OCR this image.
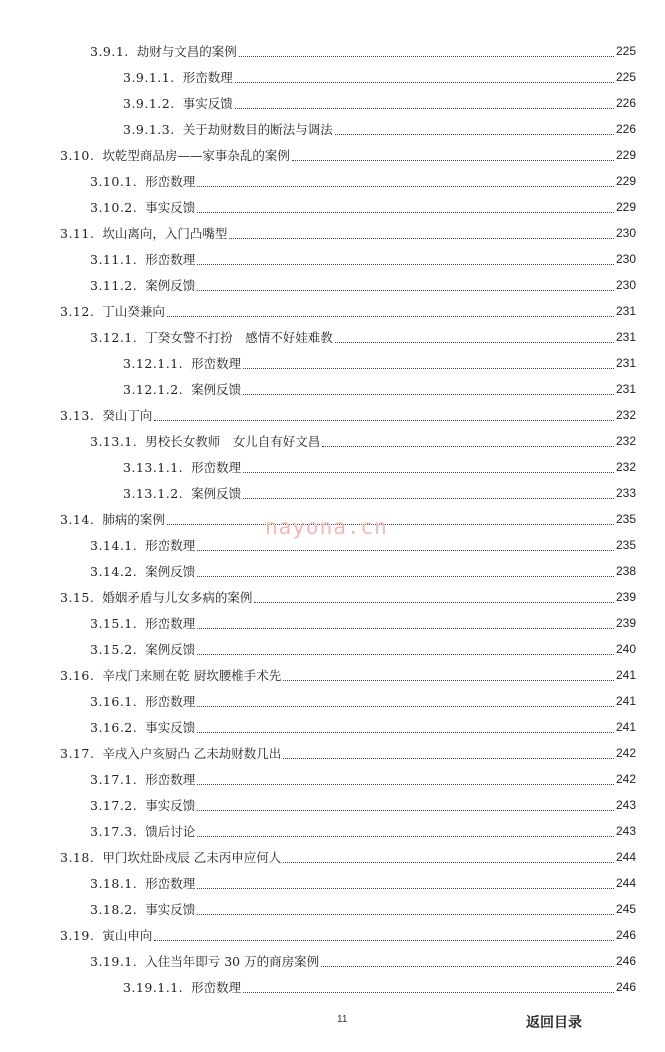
3.9.1. 劫财与文昌的案例	225
3.9.1.1. 形峦数理	225
3.9.1.2. 事实反馈	226
3.9.1.3. 关于劫财数目的断法与调法	226
3.10. 坎乾型商品房——家事杂乱的案例	229
3.10.1. 形峦数理	229
3.10.2. 事实反馈	229
3.11. 坎山离向，入门凸嘴型	230
3.11.1. 形峦数理	230
3.11.2. 案例反馈	230
3.12. 丁山癸兼向	231
3.12.1. 丁癸女警不打扮　感情不好娃难教	231
3.12.1.1. 形峦数理	231
3.12.1.2. 案例反馈	231
3.13. 癸山丁向	232
3.13.1. 男校长女教师　女儿自有好文昌	232
3.13.1.1. 形峦数理	232
3.13.1.2. 案例反馈	233
3.14. 肺病的案例	235
3.14.1. 形峦数理	235
3.14.2. 案例反馈	238
3.15. 婚姻矛盾与儿女多病的案例	239
3.15.1. 形峦数理	239
3.15.2. 案例反馈	240
3.16. 辛戌门来厕在乾 厨坎腰椎手术先	241
3.16.1. 形峦数理	241
3.16.2. 事实反馈	241
3.17. 辛戌入户亥厨凸 乙未劫财数几出	242
3.17.1. 形峦数理	242
3.17.2. 事实反馈	243
3.17.3. 馈后讨论	243
3.18. 甲门坎灶卧戌辰 乙未丙申应何人	244
3.18.1. 形峦数理	244
3.18.2. 事实反馈	245
3.19. 寅山申向	246
3.19.1. 入住当年即亏 30 万的商房案例	246
3.19.1.1. 形峦数理	246
nayona.cn
11	返回目录
